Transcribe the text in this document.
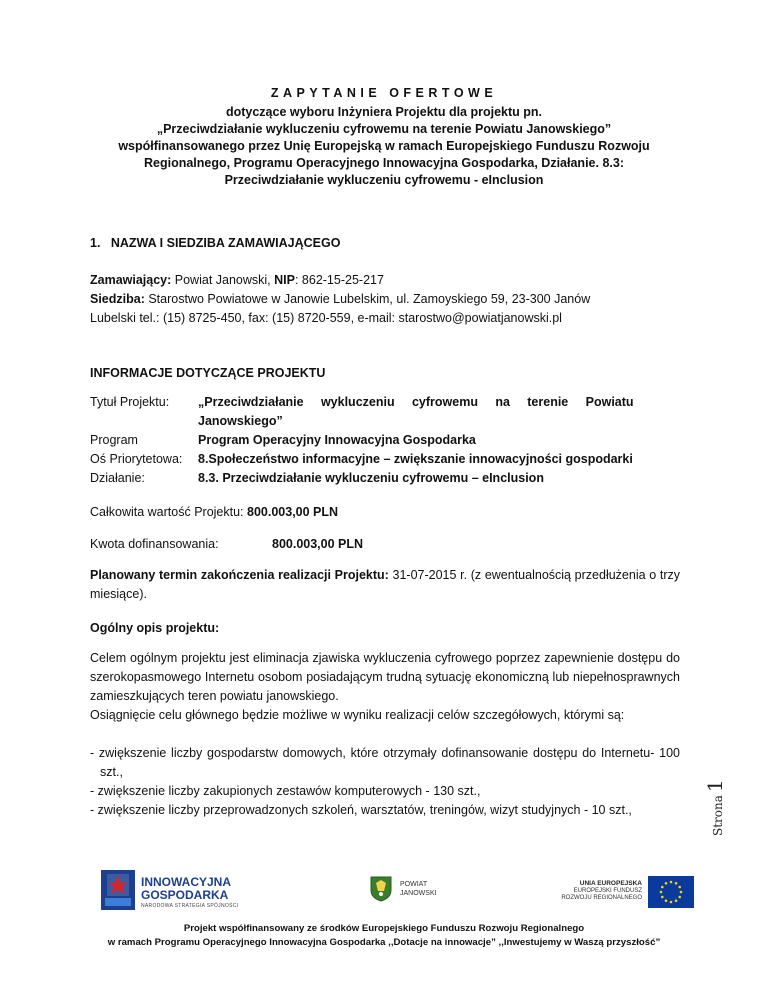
ZAPYTANIE OFERTOWE
dotyczące wyboru Inżyniera Projektu dla projektu pn.
„Przeciwdziałanie wykluczeniu cyfrowemu na terenie Powiatu Janowskiego”
współfinansowanego przez Unię Europejską w ramach Europejskiego Funduszu Rozwoju
Regionalnego, Programu Operacyjnego Innowacyjna Gospodarka, Działanie. 8.3:
Przeciwdziałanie wykluczeniu cyfrowemu - eInclusion
1.   NAZWA I SIEDZIBA ZAMAWIAJĄCEGO
Zamawiający: Powiat Janowski, NIP: 862-15-25-217
Siedziba: Starostwo Powiatowe w Janowie Lubelskim, ul. Zamoyskiego 59, 23-300 Janów
Lubelski tel.: (15) 8725-450, fax: (15) 8720-559, e-mail: starostwo@powiatjanowski.pl
INFORMACJE DOTYCZĄCE PROJEKTU
Tytuł Projektu: „Przeciwdziałanie     wykluczeniu     cyfrowemu     na     terenie     Powiatu
Janowskiego”
Program	Program Operacyjny Innowacyjna Gospodarka
Oś Priorytetowa: 8.Społeczeństwo informacyjne – zwiększanie innowacyjności gospodarki
Działanie:	8.3. Przeciwdziałanie wykluczeniu cyfrowemu – eInclusion
Całkowita wartość Projektu: 800.003,00 PLN
Kwota dofinansowania:	800.003,00 PLN
Planowany termin zakończenia realizacji Projektu: 31-07-2015 r. (z ewentualnością przedłużenia o trzy miesiące).
Ogólny opis projektu:
Celem ogólnym projektu jest eliminacja zjawiska wykluczenia cyfrowego poprzez zapewnienie dostępu do szerokopasmowego Internetu osobom posiadającym trudną sytuację ekonomiczną lub niepełnosprawnych zamieszkujących teren powiatu janowskiego.
Osiągnięcie celu głównego będzie możliwe w wyniku realizacji celów szczegółowych, którymi są:
- zwiększenie liczby gospodarstw domowych, które otrzymały dofinansowanie dostępu do Internetu- 100 szt.,
- zwiększenie liczby zakupionych zestawów komputerowych - 130 szt.,
- zwiększenie liczby przeprowadzonych szkoleń, warsztatów, treningów, wizyt studyjnych - 10 szt.,	Strona1
INNOWACYJNA
GOSPODARKA
NARODOWA STRATEGIA SPÓJNOŚCI
POWIAT
JANOWSKI
UNIA EUROPEJSKA
EUROPEJSKI FUNDUSZ
ROZWOJU REGIONALNEGO
Projekt współfinansowany ze środków Europejskiego Funduszu Rozwoju Regionalnego
w ramach Programu Operacyjnego Innowacyjna Gospodarka ,,Dotacje na innowacje” ,,Inwestujemy w Waszą przyszłość”
